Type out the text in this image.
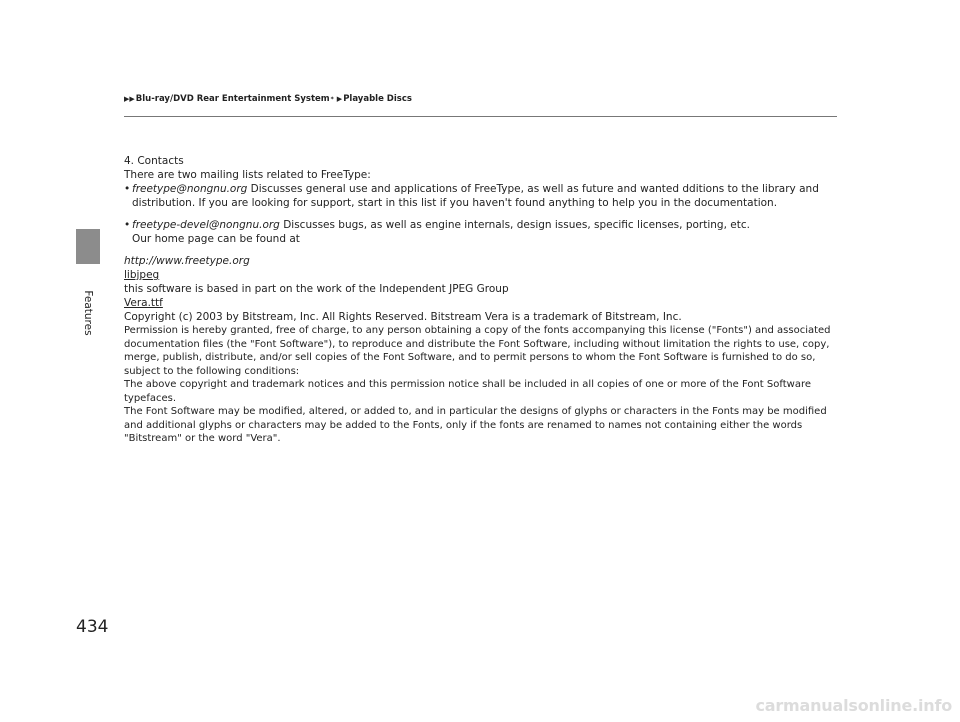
Features
▶▶ Blu-ray/DVD Rear Entertainment System * ▶ Playable Discs

4. Contacts

There are two mailing lists related to FreeType:

• freetype@nongnu.org Discusses general use and applications of FreeType, as well as future and wanted dditions to the library and distribution. If you are looking for support, start in this list if you haven't found anything to help you in the documentation.
• freetype-devel@nongnu.org Discusses bugs, as well as engine internals, design issues, specific licenses, porting, etc.
Our home page can be found at

http://www.freetype.org

libjpeg

this software is based in part on the work of the Independent JPEG Group

Vera.ttf

Copyright (c) 2003 by Bitstream, Inc. All Rights Reserved. Bitstream Vera is a trademark of Bitstream, Inc.

Permission is hereby granted, free of charge, to any person obtaining a copy of the fonts accompanying this license ("Fonts") and associated documentation files (the "Font Software"), to reproduce and distribute the Font Software, including without limitation the rights to use, copy, merge, publish, distribute, and/or sell copies of the Font Software, and to permit persons to whom the Font Software is furnished to do so, subject to the following conditions:

The above copyright and trademark notices and this permission notice shall be included in all copies of one or more of the Font Software typefaces.

The Font Software may be modified, altered, or added to, and in particular the designs of glyphs or characters in the Fonts may be modified and additional glyphs or characters may be added to the Fonts, only if the fonts are renamed to names not containing either the words "Bitstream" or the word "Vera".

434
carmanualsonline.info
